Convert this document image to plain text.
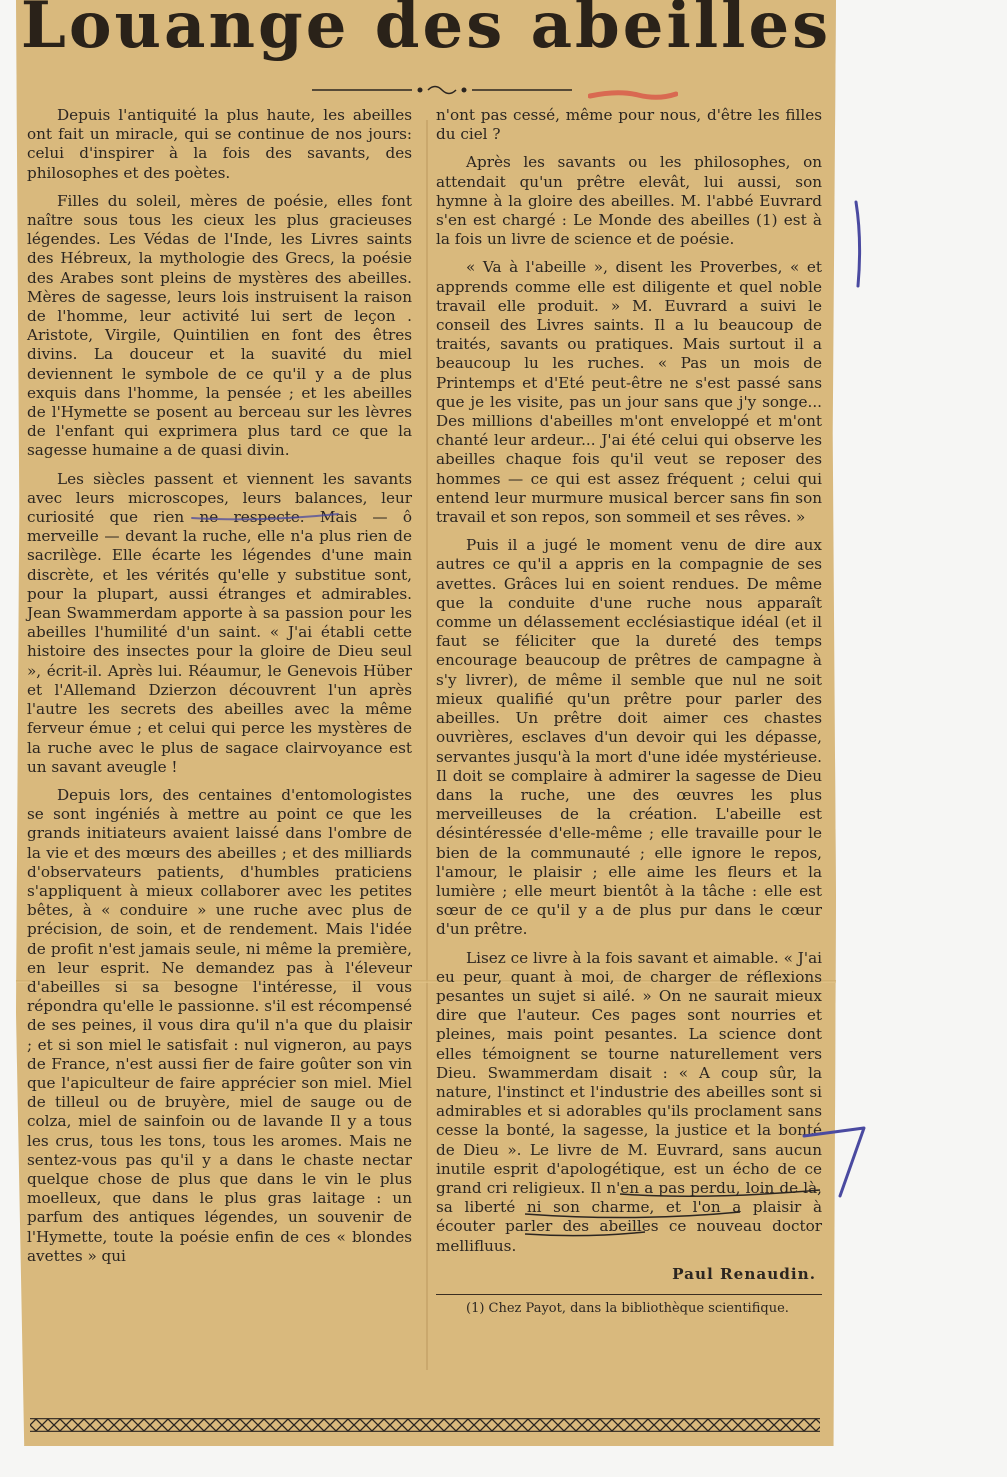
Louange des abeilles

Depuis l'antiquité la plus haute, les abeilles ont fait un miracle, qui se continue de nos jours: celui d'inspirer à la fois des savants, des philosophes et des poètes.

Filles du soleil, mères de poésie, elles font naître sous tous les cieux les plus gracieuses légendes. Les Védas de l'Inde, les Livres saints des Hébreux, la mythologie des Grecs, la poésie des Arabes sont pleins de mystères des abeilles. Mères de sagesse, leurs lois instruisent la raison de l'homme, leur activité lui sert de leçon . Aristote, Virgile, Quintilien en font des êtres divins. La douceur et la suavité du miel deviennent le symbole de ce qu'il y a de plus exquis dans l'homme, la pensée ; et les abeilles de l'Hymette se posent au berceau sur les lèvres de l'enfant qui exprimera plus tard ce que la sagesse humaine a de quasi divin.

Les siècles passent et viennent les savants avec leurs microscopes, leurs balances, leur curiosité que rien ne respecte. Mais — ô merveille — devant la ruche, elle n'a plus rien de sacrilège. Elle écarte les légendes d'une main discrète, et les vérités qu'elle y substitue sont, pour la plupart, aussi étranges et admirables. Jean Swammerdam apporte à sa passion pour les abeilles l'humilité d'un saint. « J'ai établi cette histoire des insectes pour la gloire de Dieu seul », écrit-il. Après lui. Réaumur, le Genevois Hüber et l'Allemand Dzierzon découvrent l'un après l'autre les secrets des abeilles avec la même ferveur émue ; et celui qui perce les mystères de la ruche avec le plus de sagace clairvoyance est un savant aveugle !

Depuis lors, des centaines d'entomologistes se sont ingéniés à mettre au point ce que les grands initiateurs avaient laissé dans l'ombre de la vie et des mœurs des abeilles ; et des milliards d'observateurs patients, d'humbles praticiens s'appliquent à mieux collaborer avec les petites bêtes, à « conduire » une ruche avec plus de précision, de soin, et de rendement. Mais l'idée de profit n'est jamais seule, ni même la première, en leur esprit. Ne demandez pas à l'éleveur d'abeilles si sa besogne l'intéresse, il vous répondra qu'elle le passionne. s'il est récompensé de ses peines, il vous dira qu'il n'a que du plaisir ; et si son miel le satisfait : nul vigneron, au pays de France, n'est aussi fier de faire goûter son vin que l'apiculteur de faire apprécier son miel. Miel de tilleul ou de bruyère, miel de sauge ou de colza, miel de sainfoin ou de lavande Il y a tous les crus, tous les tons, tous les aromes. Mais ne sentez-vous pas qu'il y a dans le chaste nectar quelque chose de plus que dans le vin le plus moelleux, que dans le plus gras laitage : un parfum des antiques légendes, un souvenir de l'Hymette, toute la poésie enfin de ces « blondes avettes » qui

n'ont pas cessé, même pour nous, d'être les filles du ciel ?

Après les savants ou les philosophes, on attendait qu'un prêtre elevât, lui aussi, son hymne à la gloire des abeilles. M. l'abbé Euvrard s'en est chargé : Le Monde des abeilles (1) est à la fois un livre de science et de poésie.

« Va à l'abeille », disent les Proverbes, « et apprends comme elle est diligente et quel noble travail elle produit. » M. Euvrard a suivi le conseil des Livres saints. Il a lu beaucoup de traités, savants ou pratiques. Mais surtout il a beaucoup lu les ruches. « Pas un mois de Printemps et d'Eté peut-être ne s'est passé sans que je les visite, pas un jour sans que j'y songe... Des millions d'abeilles m'ont enveloppé et m'ont chanté leur ardeur... J'ai été celui qui observe les abeilles chaque fois qu'il veut se reposer des hommes — ce qui est assez fréquent ; celui qui entend leur murmure musical bercer sans fin son travail et son repos, son sommeil et ses rêves. »

Puis il a jugé le moment venu de dire aux autres ce qu'il a appris en la compagnie de ses avettes. Grâces lui en soient rendues. De même que la conduite d'une ruche nous apparaît comme un délassement ecclésiastique idéal (et il faut se féliciter que la dureté des temps encourage beaucoup de prêtres de campagne à s'y livrer), de même il semble que nul ne soit mieux qualifié qu'un prêtre pour parler des abeilles. Un prêtre doit aimer ces chastes ouvrières, esclaves d'un devoir qui les dépasse, servantes jusqu'à la mort d'une idée mystérieuse. Il doit se complaire à admirer la sagesse de Dieu dans la ruche, une des œuvres les plus merveilleuses de la création. L'abeille est désintéressée d'elle-même ; elle travaille pour le bien de la communauté ; elle ignore le repos, l'amour, le plaisir ; elle aime les fleurs et la lumière ; elle meurt bientôt à la tâche : elle est sœur de ce qu'il y a de plus pur dans le cœur d'un prêtre.

Lisez ce livre à la fois savant et aimable. « J'ai eu peur, quant à moi, de charger de réflexions pesantes un sujet si ailé. » On ne saurait mieux dire que l'auteur. Ces pages sont nourries et pleines, mais point pesantes. La science dont elles témoignent se tourne naturellement vers Dieu. Swammerdam disait : « A coup sûr, la nature, l'instinct et l'industrie des abeilles sont si admirables et si adorables qu'ils proclament sans cesse la bonté, la sagesse, la justice et la bonté de Dieu ». Le livre de M. Euvrard, sans aucun inutile esprit d'apologétique, est un écho de ce grand cri religieux. Il n'en a pas perdu, loin de là, sa liberté ni son charme, et l'on a plaisir à écouter parler des abeilles ce nouveau doctor mellifluus.

Paul Renaudin.

(1) Chez Payot, dans la bibliothèque scientifique.
